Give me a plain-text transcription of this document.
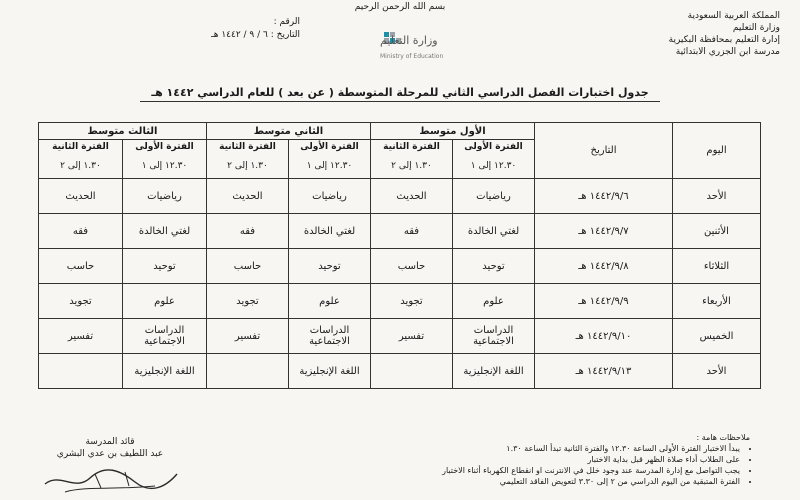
بسم الله الرحمن الرحيم
المملكة العربية السعودية
وزارة التعليم
إدارة التعليم بمحافظة البكيرية
مدرسة ابن الجزري الابتدائية
الرقم :
التاريخ : ٦ / ٩ / ١٤٤٢ هـ	وزارة التعليم
Ministry of Education
جدول اختبارات الفصل الدراسي الثاني للمرحلة المتوسطة ( عن بعد ) للعام الدراسي ١٤٤٢ هـ
اليوم	التاريخ	الأول متوسط		الثاني متوسط		الثالث متوسط	
		الفترة الأولى	الفترة الثانية	الفترة الأولى	الفترة الثانية	الفترة الأولى	الفترة الثانية
		١٢.٣٠ إلى ١	١.٣٠ إلى ٢	١٢.٣٠ إلى ١	١.٣٠ إلى ٢	١٢.٣٠ إلى ١	١.٣٠ إلى ٢
الأحد	١٤٤٢/٩/٦ هـ	رياضيات	الحديث	رياضيات	الحديث	رياضيات	الحديث
الأثنين	١٤٤٢/٩/٧ هـ	لغتي الخالدة	فقه	لغتي الخالدة	فقه	لغتي الخالدة	فقه
الثلاثاء	١٤٤٢/٩/٨ هـ	توحيد	حاسب	توحيد	حاسب	توحيد	حاسب
الأربعاء	١٤٤٢/٩/٩ هـ	علوم	تجويد	علوم	تجويد	علوم	تجويد
الخميس	١٤٤٢/٩/١٠ هـ	الدراسات الاجتماعية	تفسير	الدراسات الاجتماعية	تفسير	الدراسات الاجتماعية	تفسير
الأحد	١٤٤٢/٩/١٣ هـ	اللغة الإنجليزية		اللغة الإنجليزية		اللغة الإنجليزية	
ملاحظات هامة :
• يبدأ الاختبار الفترة الأولى الساعة ١٢.٣٠ والفترة الثانية تبدأ الساعة ١.٣٠
• على الطلاب أداء صلاة الظهر قبل بداية الاختبار
• يجب التواصل مع إدارة المدرسة عند وجود خلل في الانترنت او انقطاع الكهرباء أثناء الاختبار
• الفترة المتبقية من اليوم الدراسي من ٢ إلى ٣.٣٠ لتعويض الفاقد التعليمي
قائد المدرسة
عبد اللطيف بن عدي البشري
